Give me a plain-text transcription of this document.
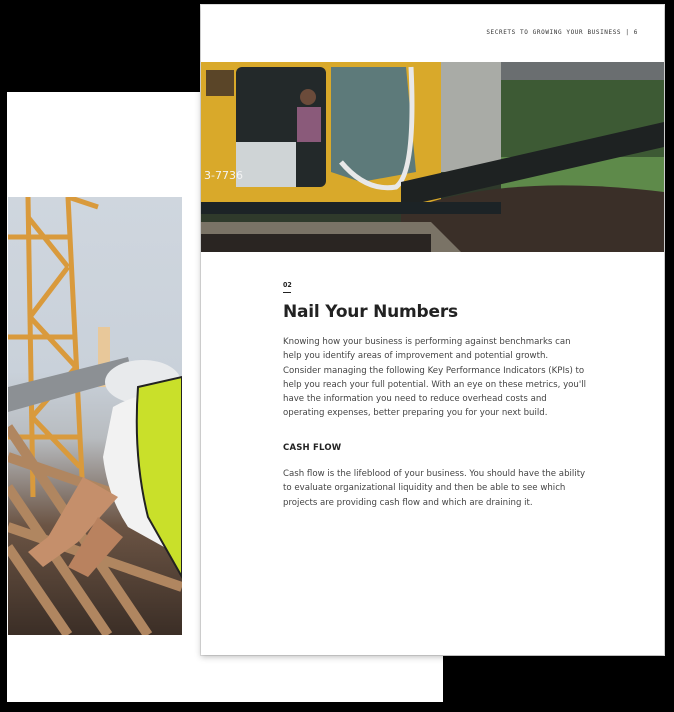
SECRETS TO GROWING YOUR BUSINESS | 6
3-7736
02
Nail Your Numbers
Knowing how your business is performing against benchmarks can help you identify areas of improvement and potential growth. Consider managing the following Key Performance Indicators (KPIs) to help you reach your full potential. With an eye on these metrics, you'll have the information you need to reduce overhead costs and operating expenses, better preparing you for your next build.
CASH FLOW
Cash flow is the lifeblood of your business. You should have the ability to evaluate organizational liquidity and then be able to see which projects are providing cash flow and which are draining it.
